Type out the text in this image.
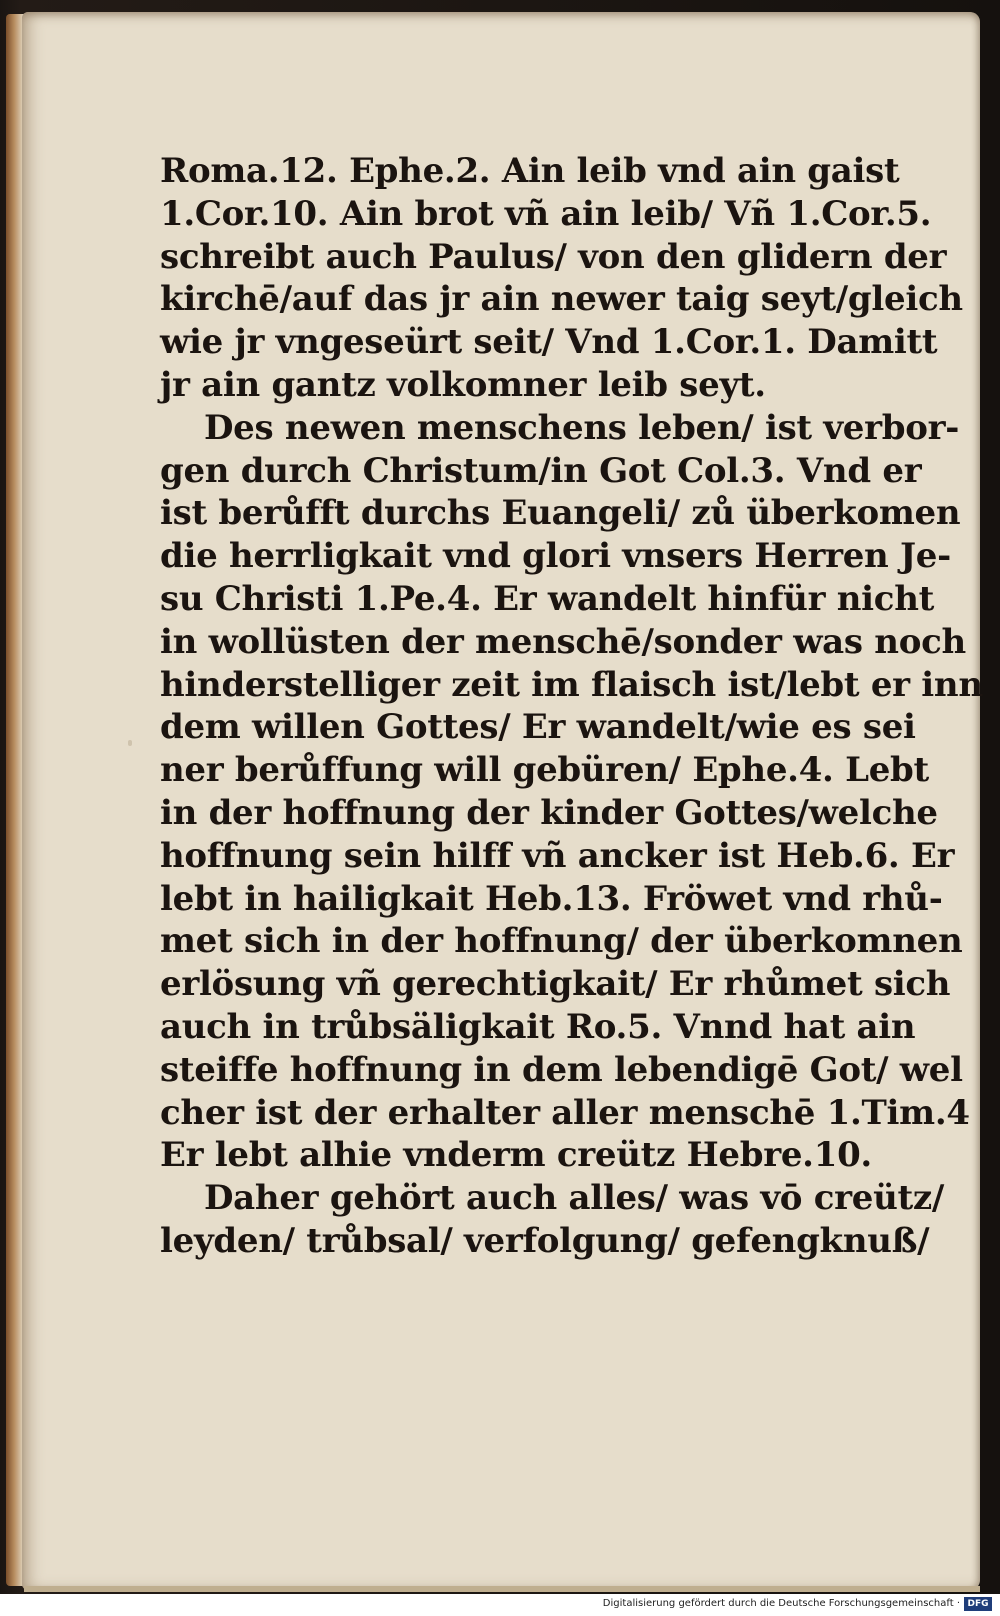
Roma.12. Ephe.2. Ain leib vnd ain gaist
1.Cor.10. Ain brot vñ ain leib/ Vñ 1.Cor.5.
schreibt auch Paulus/ von den glidern der
kirchē/auf das jr ain newer taig seyt/gleich
wie jr vngeseürt seit/ Vnd 1.Cor.1. Damitt
jr ain gantz volkomner leib seyt.
Des newen menschens leben/ ist verbor-
gen durch Christum/in Got Col.3. Vnd er
ist berůfft durchs Euangeli/ zů überkomen
die herrligkait vnd glori vnsers Herren Je-
su Christi 1.Pe.4. Er wandelt hinfür nicht
in wollüsten der menschē/sonder was noch
hinderstelliger zeit im flaisch ist/lebt er inn
dem willen Gottes/ Er wandelt/wie es sei
ner berůffung will gebüren/ Ephe.4. Lebt
in der hoffnung der kinder Gottes/welche
hoffnung sein hilff vñ ancker ist Heb.6. Er
lebt in hailigkait Heb.13. Fröwet vnd rhů-
met sich in der hoffnung/ der überkomnen
erlösung vñ gerechtigkait/ Er rhůmet sich
auch in trůbsäligkait Ro.5. Vnnd hat ain
steiffe hoffnung in dem lebendigē Got/ wel
cher ist der erhalter aller menschē 1.Tim.4
Er lebt alhie vnderm creütz Hebre.10.
Daher gehört auch alles/ was vō creütz/
leyden/ trůbsal/ verfolgung/ gefengknuß/
Digitalisierung gefördert durch die Deutsche Forschungsgemeinschaft · DFG
